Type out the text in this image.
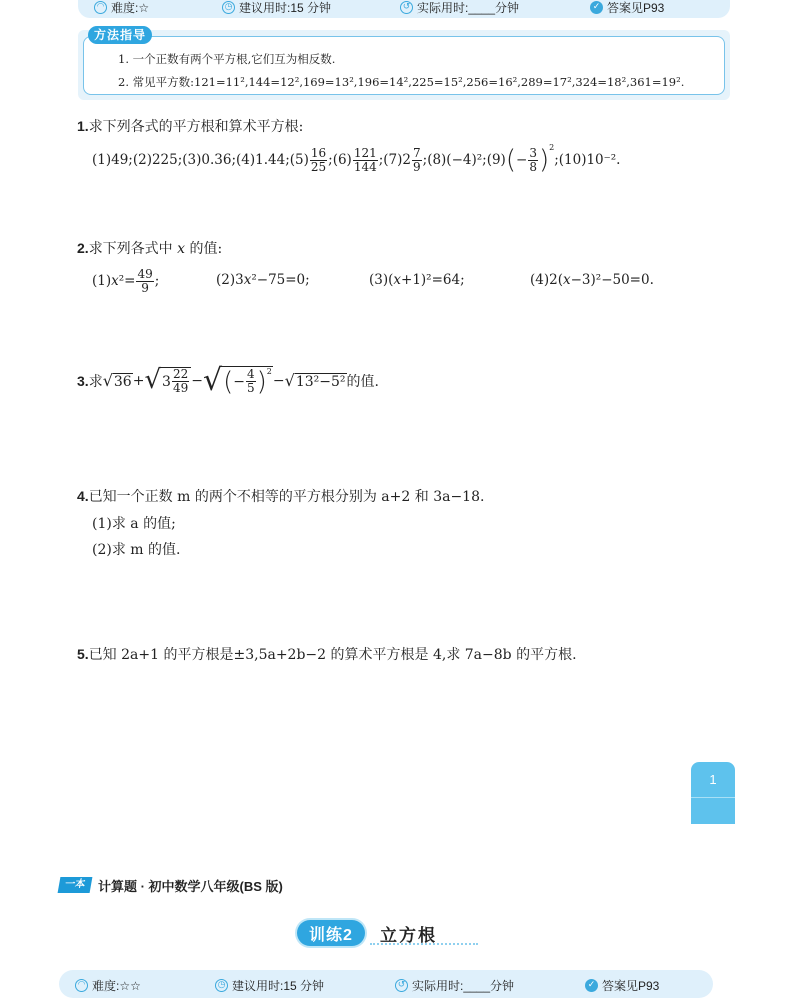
◠ 难度:☆	◷ 建议用时:15 分钟	↺ 实际用时:____分钟	✓ 答案见P93
方法指导
1. 一个正数有两个平方根,它们互为相反数.
2. 常见平方数:121=11²,144=12²,169=13²,196=14²,225=15²,256=16²,289=17²,324=18²,361=19².
1.求下列各式的平方根和算术平方根:
(1)49;(2)225;(3)0.36;(4)1.44;(5) $\frac{16}{25}$ ;(6) $\frac{121}{144}$ ;(7)2 $\frac{7}{9}$ ;(8)(−4)²;(9) ( − $\frac{3}{8} )^2$
;(10)10⁻².
2.求下列各式中 x 的值:
(1) x $^2= \frac{49}{9}$ ;	(2)3 x ²−75=0;	(3)( x +1)²=64;	(4)2( x −3)²−50=0.
3. 求 √ 36 + √ $3 \frac{22}{49}$ − √ ( − $\frac{4}{5} )^2$
− √ 13²−5² 的值.
4.已知一个正数 m 的两个不相等的平方根分别为 a+2 和 3a−18.
(1)求 a 的值;
(2)求 m 的值.
5.已知 2a+1 的平方根是±3,5a+2b−2 的算术平方根是 4,求 7a−8b 的平方根.
1
一本 计算题 · 初中数学八年级(BS 版)
训练2	立方根
◠ 难度:☆☆	◷ 建议用时:15 分钟	↺ 实际用时:____分钟	✓ 答案见P93
